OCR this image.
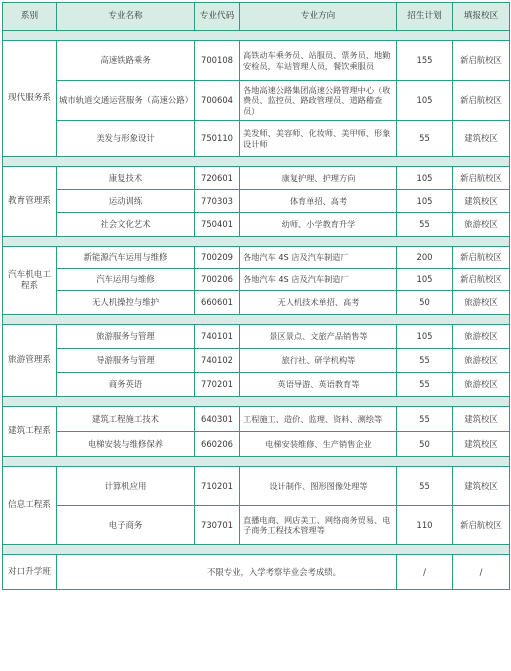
系别	专业名称	专业代码	专业方向	招生计划	填报校区

现代服务系	高速铁路乘务	700108	高铁动车乘务员、站服员、票务员、地勤安检员，车站管理人员，餐饮乘服员	155	新启航校区
	城市轨道交通运营服务（高速公路）	700604	各地高速公路集团高速公路管理中心（收费员、监控员、路政管理员、道路稽查员）	105	新启航校区
	美发与形象设计	750110	美发师、美容师、化妆师、美甲师、形象设计师	55	建筑校区

教育管理系	康复技术	720601	康复护理、护理方向	105	新启航校区
	运动训练	770303	体育单招、高考	105	建筑校区
	社会文化艺术	750401	幼师、小学教育升学	55	旅游校区

汽车机电工程系	新能源汽车运用与维修	700209	各地汽车 4S 店及汽车制造厂	200	新启航校区
	汽车运用与维修	700206	各地汽车 4S 店及汽车制造厂	105	新启航校区
	无人机操控与维护	660601	无人机技术单招、高考	50	旅游校区

旅游管理系	旅游服务与管理	740101	景区景点、文旅产品销售等	105	旅游校区
	导游服务与管理	740102	旅行社、研学机构等	55	旅游校区
	商务英语	770201	英语导游、英语教育等	55	旅游校区

建筑工程系	建筑工程施工技术	640301	工程施工、造价、监理、资料、测绘等	55	建筑校区
	电梯安装与维修保养	660206	电梯安装维修、生产销售企业	50	建筑校区

信息工程系	计算机应用	710201	设计制作、图形图像处理等	55	建筑校区
	电子商务	730701	直播电商、网店美工、网络商务贸易、电子商务工程技术管理等	110	新启航校区

对口升学班	不限专业，入学考察毕业会考成绩。			/	/
